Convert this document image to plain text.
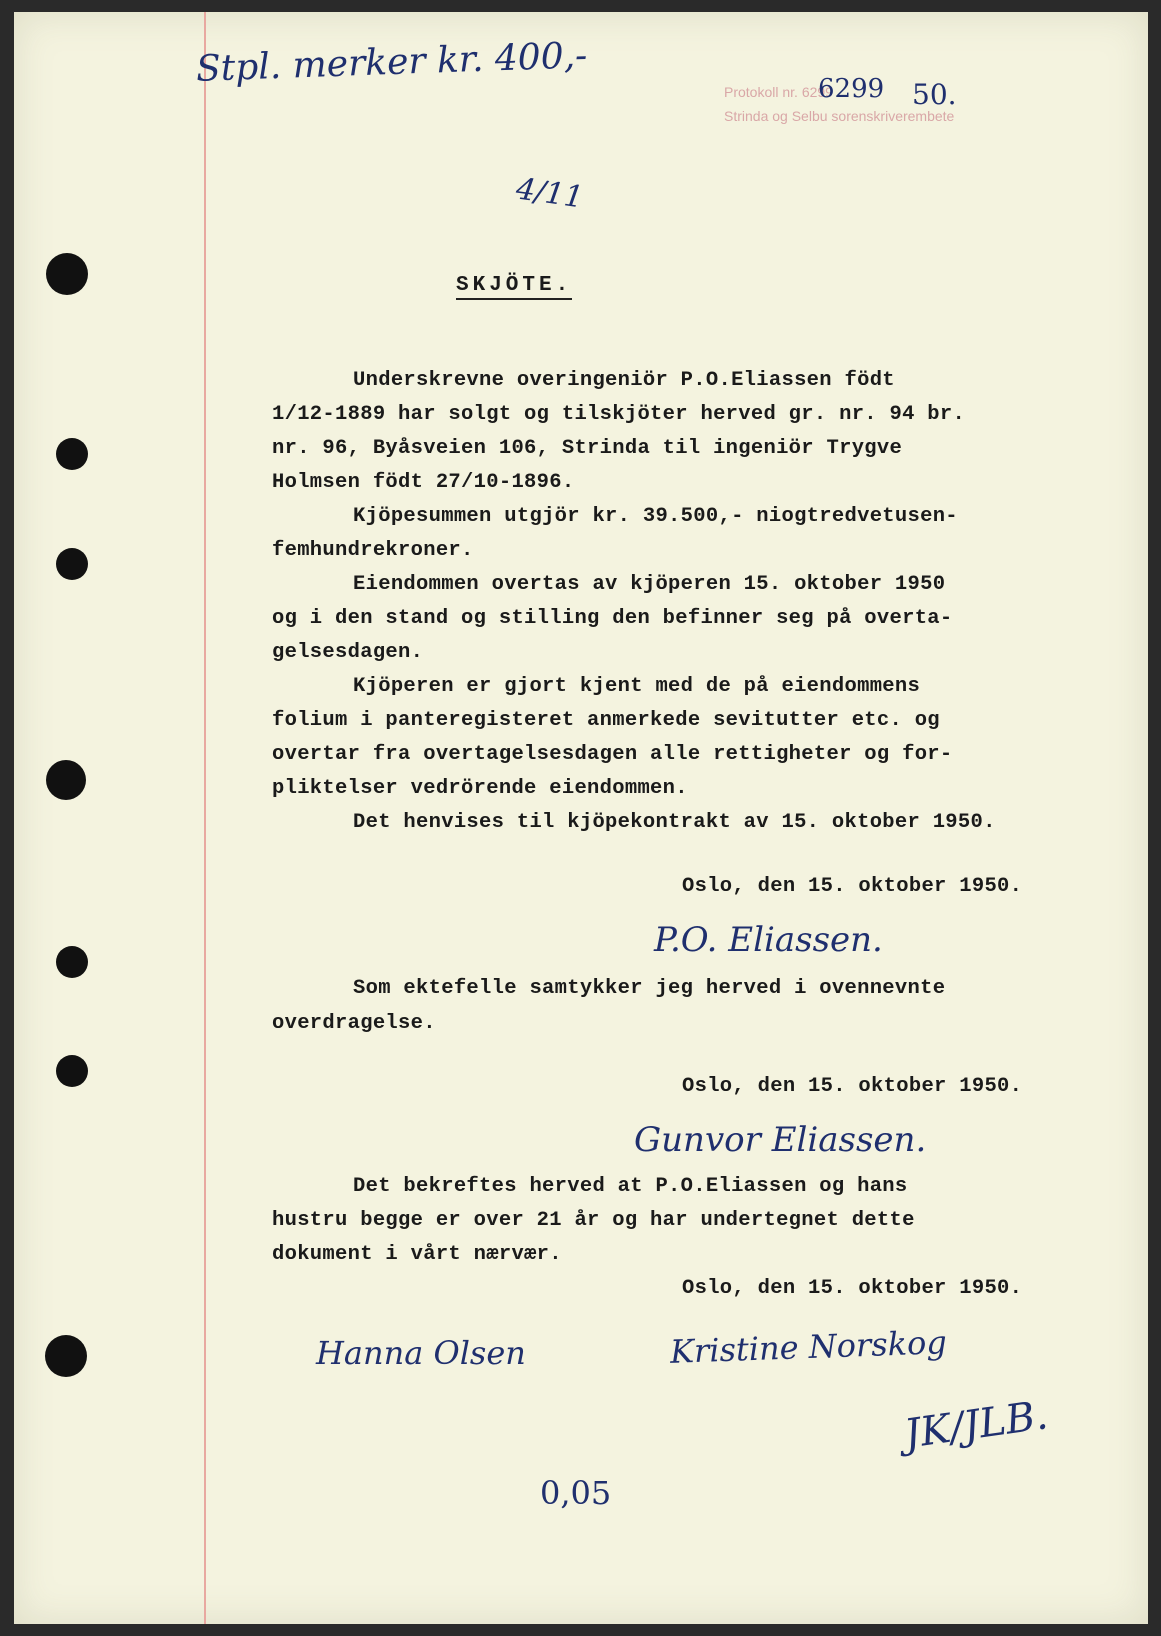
Stpl. merker kr. 400,-
Protokoll nr. 6299
Strinda og Selbu sorenskriverembete
6299 50.
4/11
SKJÖTE.
Underskrevne overingeniör P.O.Eliassen födt
1/12-1889 har solgt og tilskjöter herved gr. nr. 94 br.
nr. 96, Byåsveien 106, Strinda til ingeniör Trygve
Holmsen födt 27/10-1896.
Kjöpesummen utgjör kr. 39.500,- niogtredvetusen-
femhundrekroner.
Eiendommen overtas av kjöperen 15. oktober 1950
og i den stand og stilling den befinner seg på overta-
gelsesdagen.
Kjöperen er gjort kjent med de på eiendommens
folium i panteregisteret anmerkede sevitutter etc. og
overtar fra overtagelsesdagen alle rettigheter og for-
pliktelser vedrörende eiendommen.
Det henvises til kjöpekontrakt av 15. oktober 1950.
Oslo, den 15. oktober 1950.
P.O. Eliassen.
Som ektefelle samtykker jeg herved i ovennevnte
overdragelse.
Oslo, den 15. oktober 1950.
Gunvor Eliassen.
Det bekreftes herved at P.O.Eliassen og hans
hustru begge er over 21 år og har undertegnet dette
dokument i vårt nærvær.
Oslo, den 15. oktober 1950.
Hanna Olsen	Kristine Norskog
JK/JLB.
0,05
